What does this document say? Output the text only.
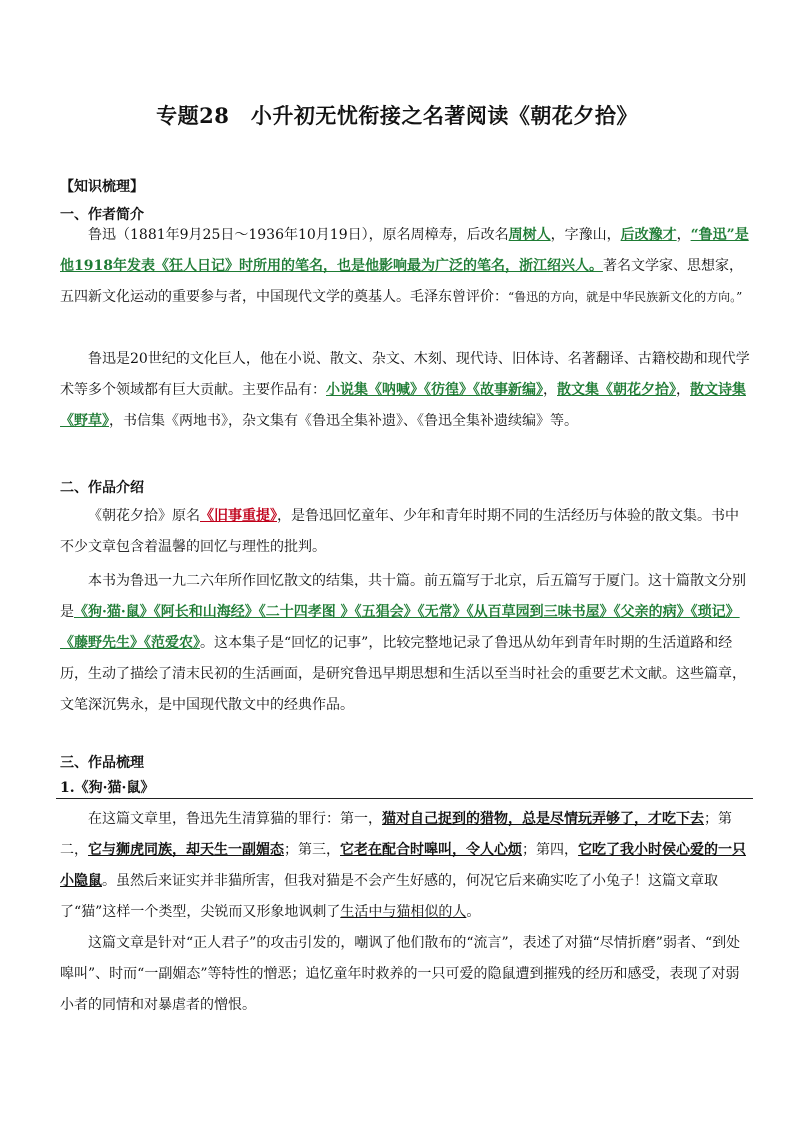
专题28　小升初无忧衔接之名著阅读《朝花夕拾》
【知识梳理】
一、作者简介

鲁迅（1881年9月25日～1936年10月19日），原名周樟寿，后改名周树人，字豫山，后改豫才，“鲁迅”是他1918年发表《狂人日记》时所用的笔名，也是他影响最为广泛的笔名，浙江绍兴人。著名文学家、思想家，五四新文化运动的重要参与者，中国现代文学的奠基人。毛泽东曾评价：“鲁迅的方向，就是中华民族新文化的方向。”

鲁迅是20世纪的文化巨人，他在小说、散文、杂文、木刻、现代诗、旧体诗、名著翻译、古籍校勘和现代学术等多个领域都有巨大贡献。主要作品有：小说集《呐喊》《彷徨》《故事新编》，散文集《朝花夕拾》，散文诗集《野草》，书信集《两地书》，杂文集有《鲁迅全集补遗》、《鲁迅全集补遗续编》等。

二、作品介绍

《朝花夕拾》原名《旧事重提》，是鲁迅回忆童年、少年和青年时期不同的生活经历与体验的散文集。书中不少文章包含着温馨的回忆与理性的批判。

本书为鲁迅一九二六年所作回忆散文的结集，共十篇。前五篇写于北京，后五篇写于厦门。这十篇散文分别是《狗·猫·鼠》《阿长和山海经》《二十四孝图 》《五猖会》《无常》《从百草园到三味书屋》《父亲的病》《琐记》《藤野先生》《范爱农》。这本集子是“回忆的记事”，比较完整地记录了鲁迅从幼年到青年时期的生活道路和经历，生动了描绘了清末民初的生活画面，是研究鲁迅早期思想和生活以至当时社会的重要艺术文献。这些篇章，文笔深沉隽永，是中国现代散文中的经典作品。

三、作品梳理
1.《狗·猫·鼠》

在这篇文章里，鲁迅先生清算猫的罪行：第一，猫对自己捉到的猎物，总是尽情玩弄够了，才吃下去；第二，它与狮虎同族，却天生一副媚态；第三，它老在配合时嗥叫，令人心烦；第四，它吃了我小时侯心爱的一只小隐鼠。虽然后来证实并非猫所害，但我对猫是不会产生好感的，何况它后来确实吃了小兔子！这篇文章取了“猫”这样一个类型，尖锐而又形象地讽刺了生活中与猫相似的人。

这篇文章是针对“正人君子”的攻击引发的，嘲讽了他们散布的“流言”，表述了对猫“尽情折磨”弱者、“到处嗥叫”、时而“一副媚态”等特性的憎恶；追忆童年时救养的一只可爱的隐鼠遭到摧残的经历和感受，表现了对弱小者的同情和对暴虐者的憎恨。
